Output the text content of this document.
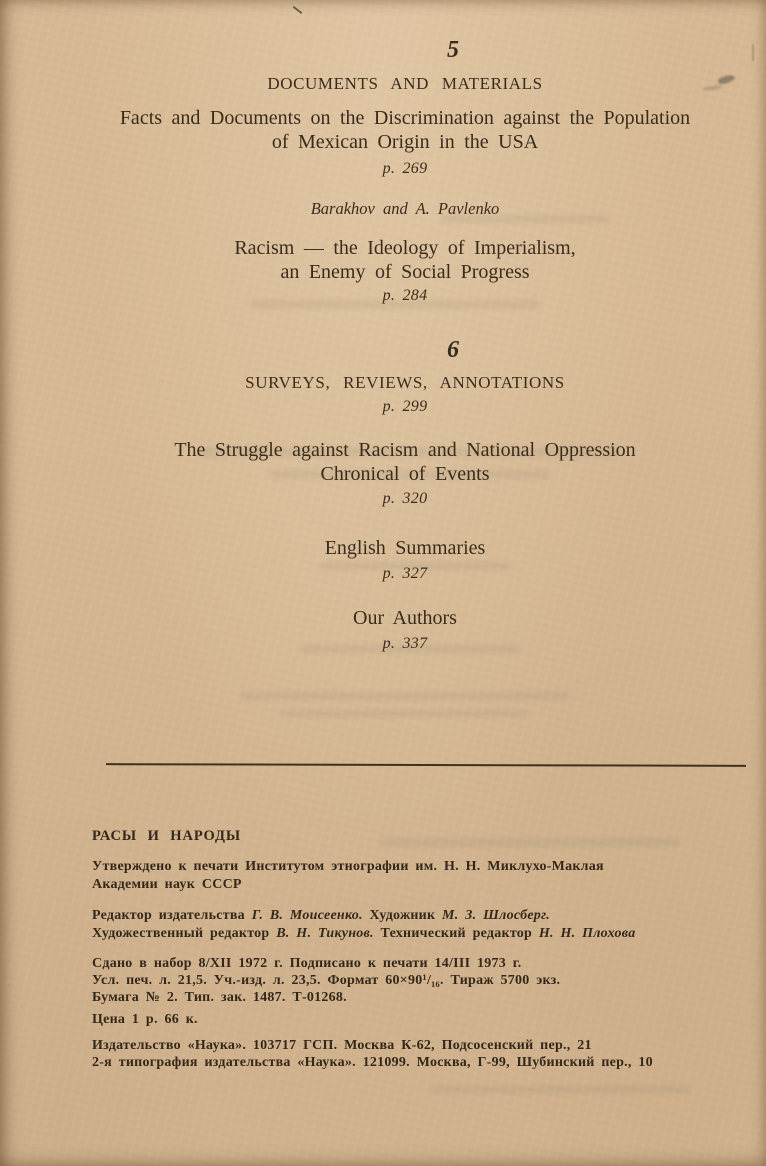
5
DOCUMENTS AND MATERIALS
Facts and Documents on the Discrimination against the Population
of Mexican Origin in the USA
p. 269
Barakhov and A. Pavlenko
Racism — the Ideology of Imperialism,
an Enemy of Social Progress
p. 284
6
SURVEYS, REVIEWS, ANNOTATIONS
p. 299
The Struggle against Racism and National Oppression
Chronical of Events
p. 320
English Summaries
p. 327
Our Authors
p. 337
РАСЫ И НАРОДЫ
Утверждено к печати Институтом этнографии им. Н. Н. Миклухо-Маклая
Академии наук СССР
Редактор издательства Г. В. Моисеенко. Художник М. З. Шлосберг.
Художественный редактор В. Н. Тикунов. Технический редактор Н. Н. Плохова
Сдано в набор 8/XII 1972 г. Подписано к печати 14/III 1973 г.
Усл. печ. л. 21,5. Уч.-изд. л. 23,5. Формат 60×90¹/₁₆. Тираж 5700 экз.
Бумага № 2. Тип. зак. 1487. Т-01268.
Цена 1 р. 66 к.
Издательство «Наука». 103717 ГСП. Москва К-62, Подсосенский пер., 21
2-я типография издательства «Наука». 121099. Москва, Г-99, Шубинский пер., 10
